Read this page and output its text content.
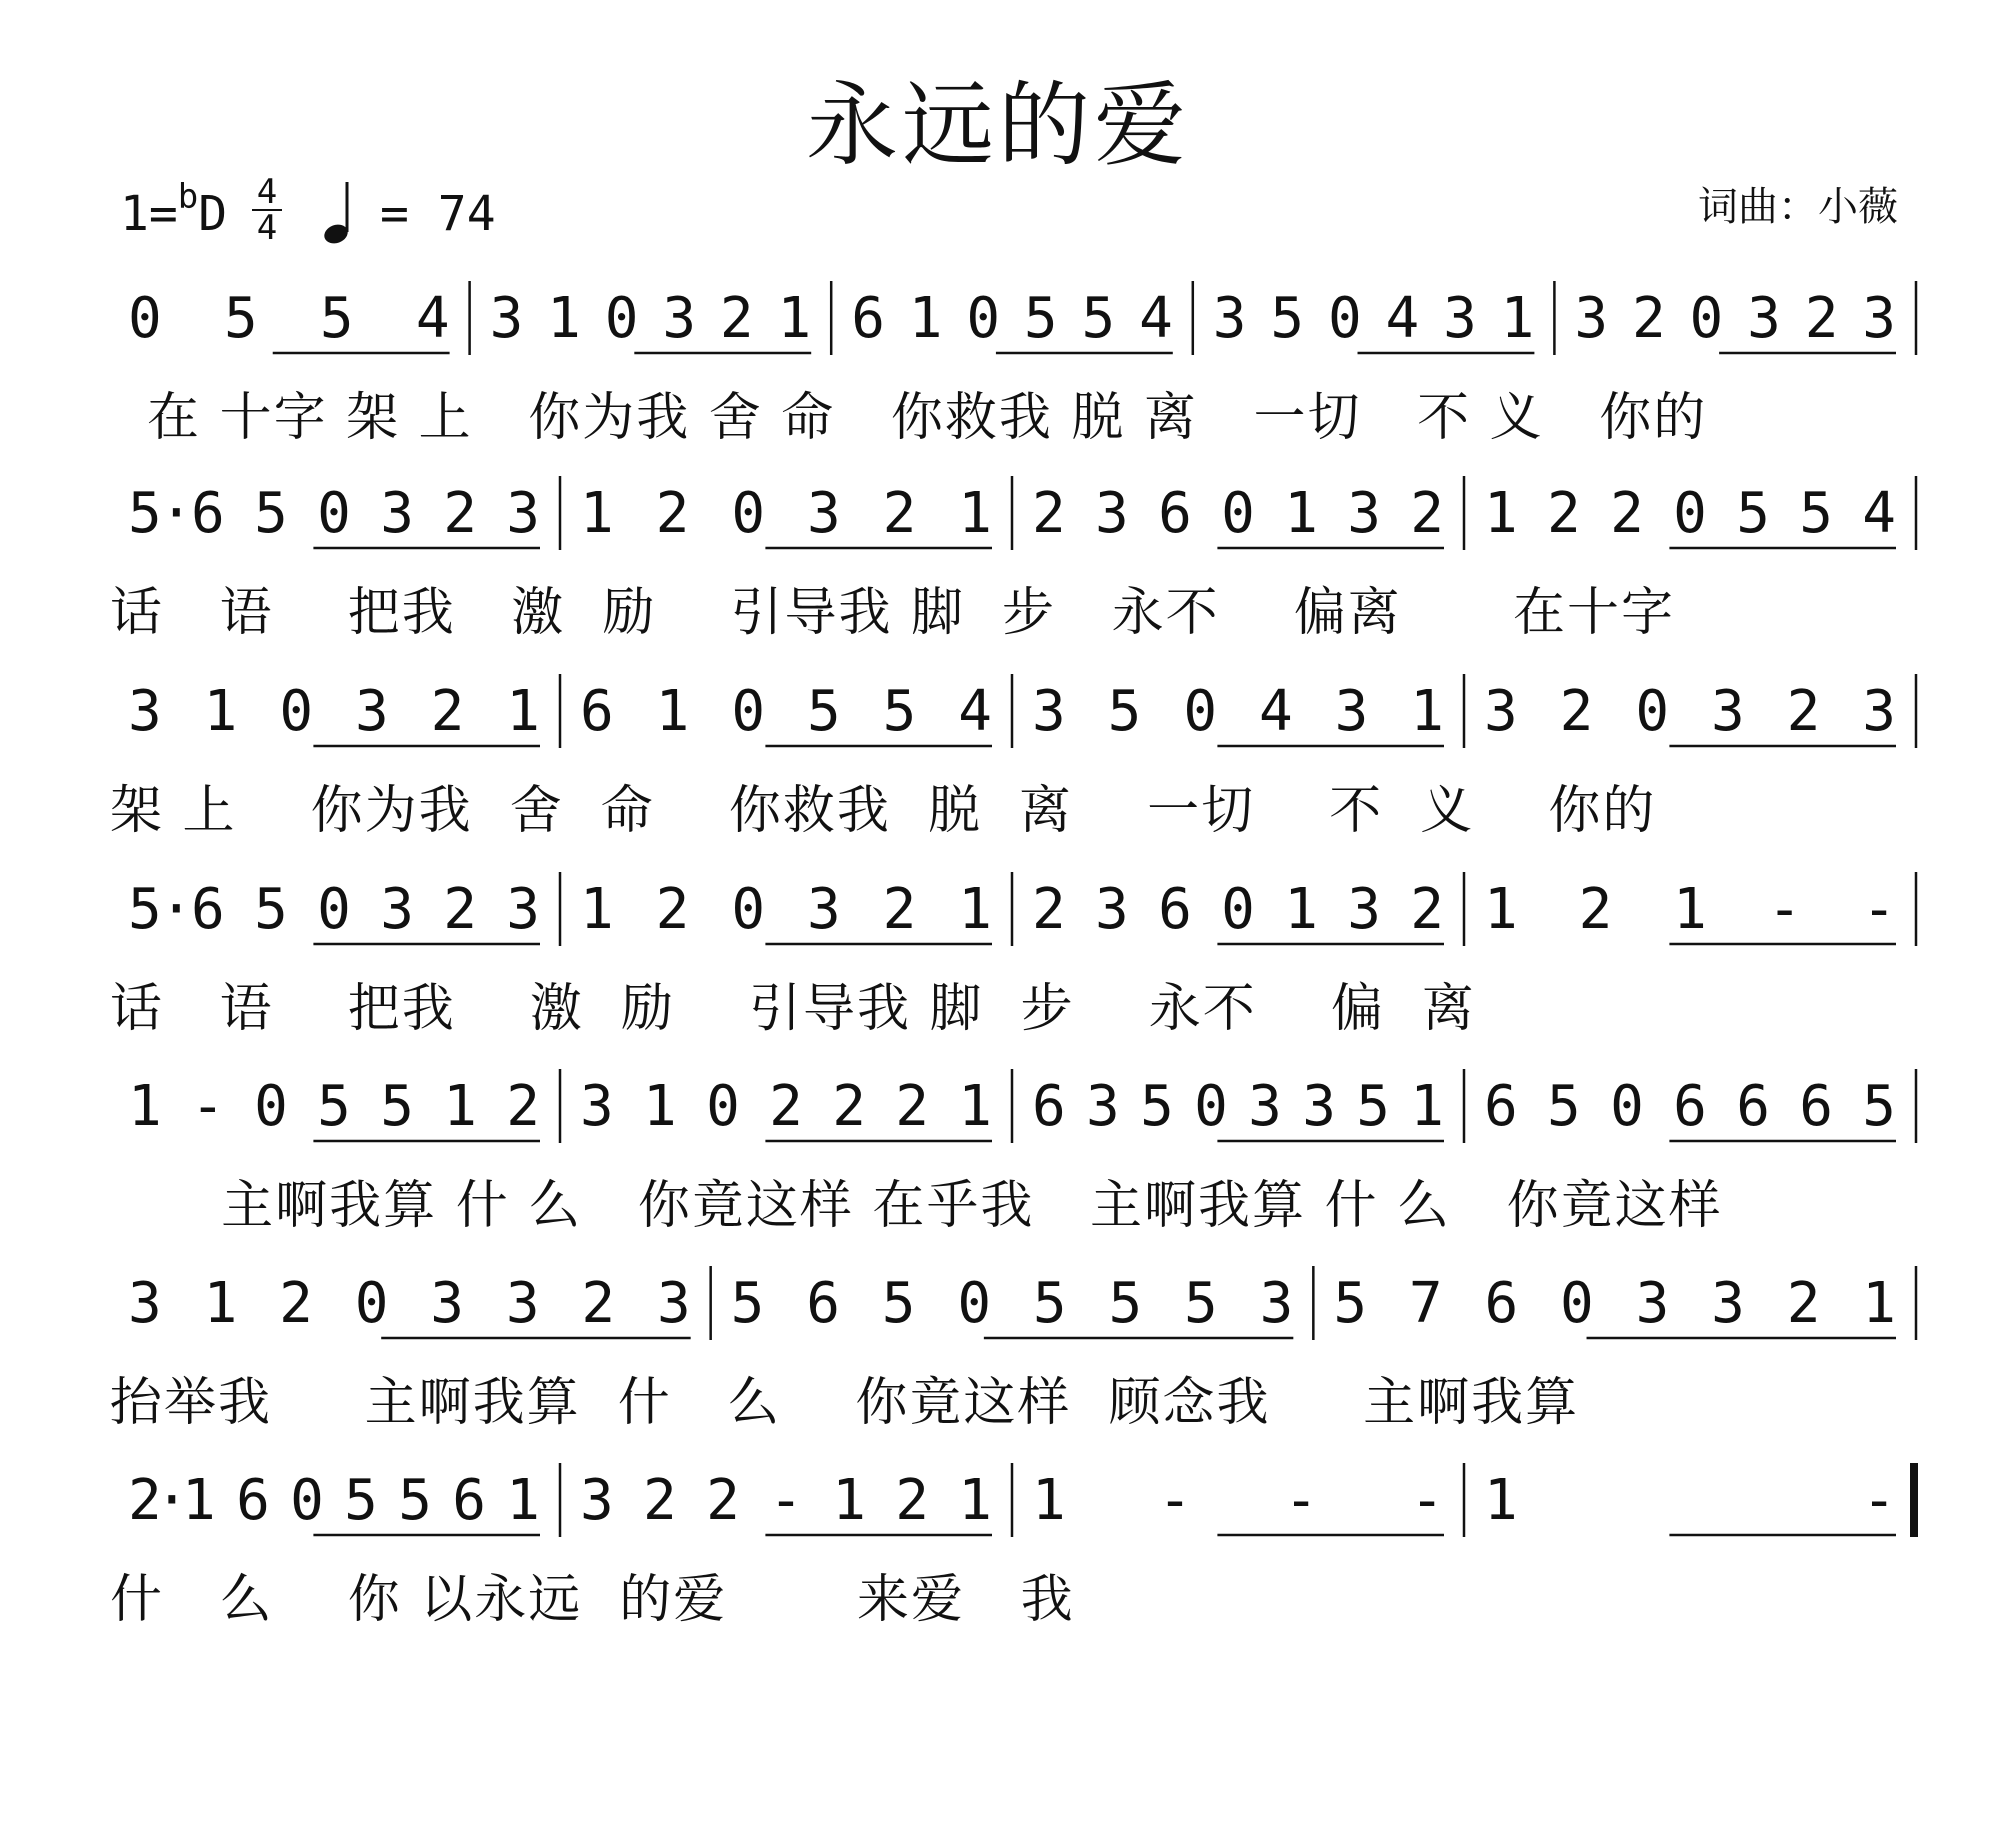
永远的爱
词曲：小薇
1=$^b$D 4
4 = 74
0 5 5 4 3 1 0 3 2 1 6 1 0 5 5 4 3 5 0 4 3 1 3 2 0 3 2 3
在 十字 架 上   你为我 舍 命   你救我 脱 离   一切   不 义   你的
5·6 5 0 3 2 3 1 2 0 3 2 1 2 3 6 0 1 3 2 1 2 2 0 5 5 4
话   语    把我   激  励    引导我 脚  步   永不    偏离      在十字
3 1 0 3 2 1 6 1 0 5 5 4 3 5 0 4 3 1 3 2 0 3 2 3
架 上    你为我  舍  命    你救我  脱  离    一切    不  义    你的
5·6 5 0 3 2 3 1 2 0 3 2 1 2 3 6 0 1 3 2 1 2 1 - -
话   语    把我    激  励    引导我 脚  步    永不    偏  离
1 - 0 5 5 1 2 3 1 0 2 2 2 1 6 3 5 0 3 3 5 1 6 5 0 6 6 6 5
主啊我算 什 么   你竟这样 在乎我   主啊我算 什 么   你竟这样
3 1 2 0 3 3 2 3 5 6 5 0 5 5 5 3 5 7 6 0 3 3 2 1
抬举我     主啊我算  什   么    你竟这样  顾念我     主啊我算
2·1 6 0 5 5 6 1 3 2 2 - 1 2 1 1 - - - 1 -
什   么    你 以永远  的爱       来爱   我
